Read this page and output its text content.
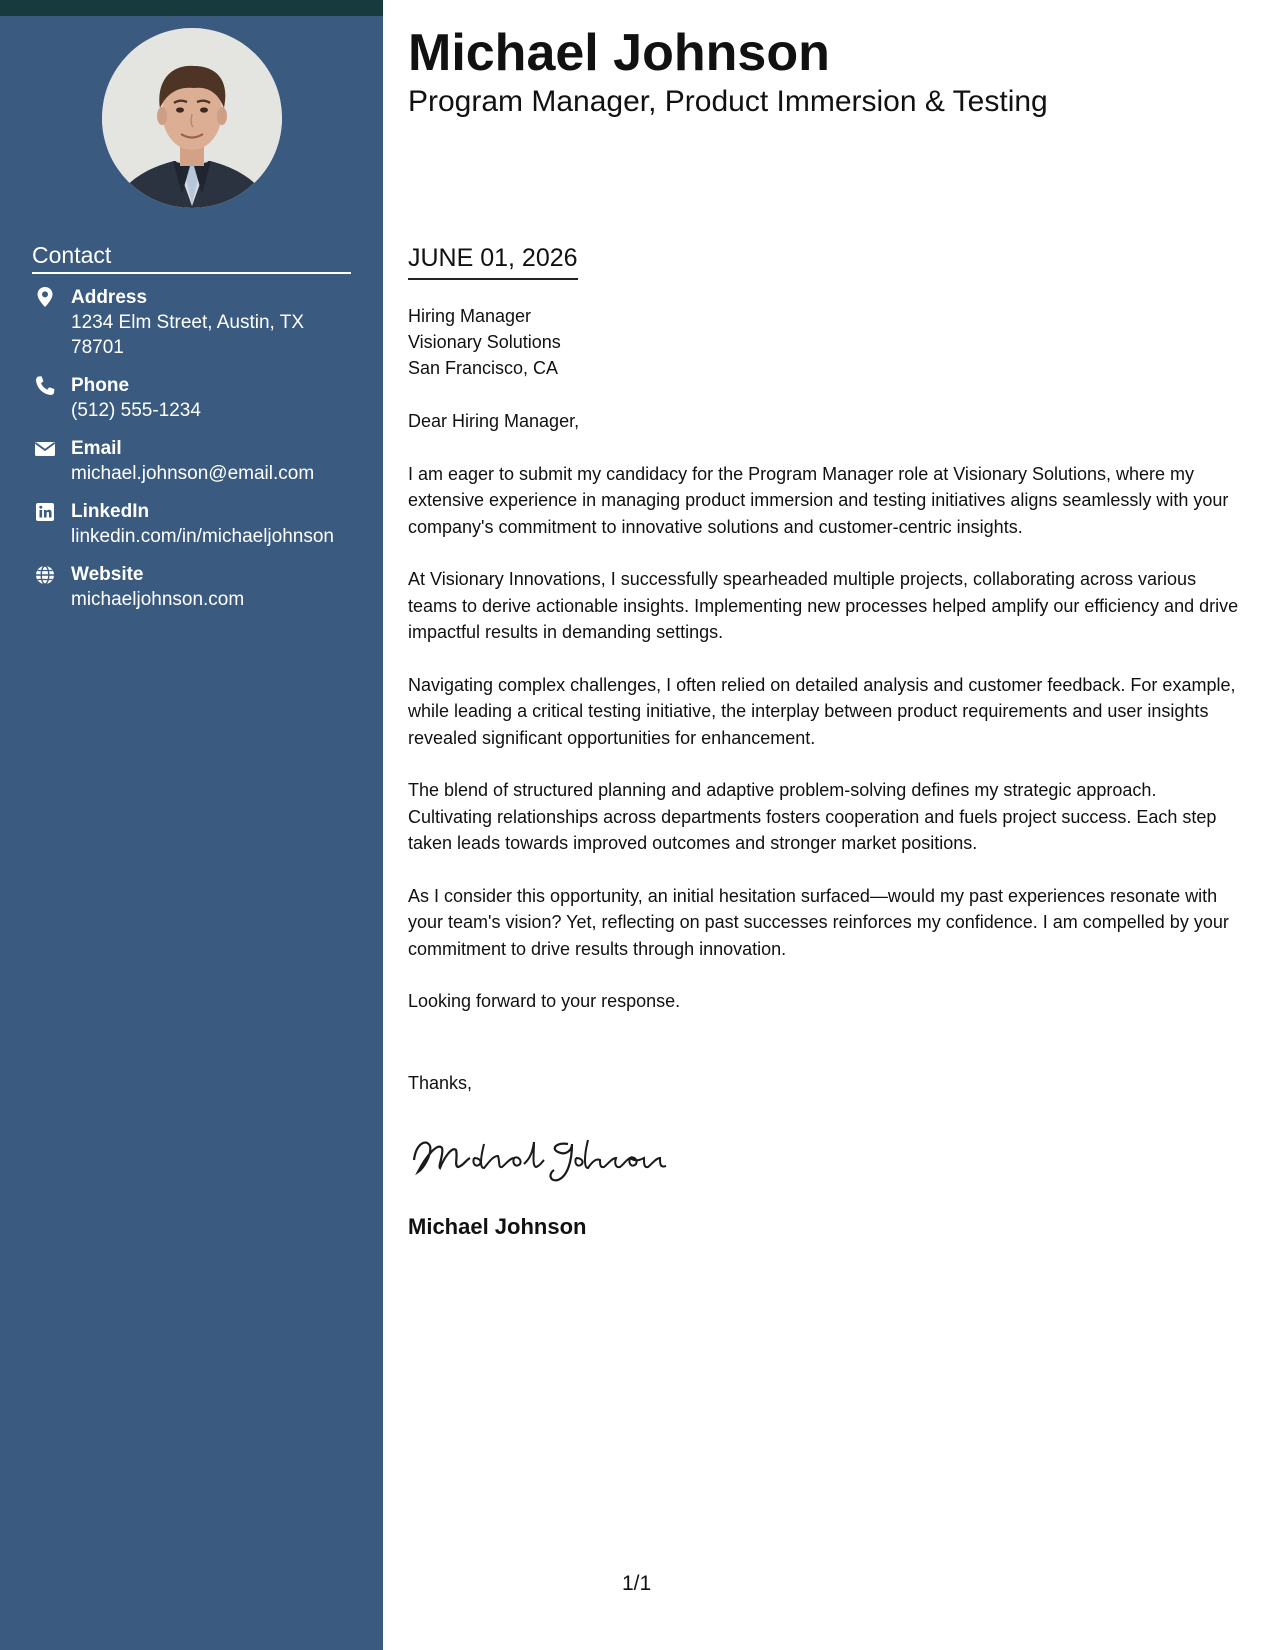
Contact
Address
1234 Elm Street, Austin, TX 78701
Phone
(512) 555-1234
Email
michael.johnson@email.com
LinkedIn
linkedin.com/in/michaeljohnson
Website
michaeljohnson.com
Michael Johnson
Program Manager, Product Immersion & Testing
JUNE 01, 2026
Hiring Manager
Visionary Solutions
San Francisco, CA

Dear Hiring Manager,

I am eager to submit my candidacy for the Program Manager role at Visionary Solutions, where my extensive experience in managing product immersion and testing initiatives aligns seamlessly with your company's commitment to innovative solutions and customer-centric insights.

At Visionary Innovations, I successfully spearheaded multiple projects, collaborating across various teams to derive actionable insights. Implementing new processes helped amplify our efficiency and drive impactful results in demanding settings.

Navigating complex challenges, I often relied on detailed analysis and customer feedback. For example, while leading a critical testing initiative, the interplay between product requirements and user insights revealed significant opportunities for enhancement.

The blend of structured planning and adaptive problem-solving defines my strategic approach. Cultivating relationships across departments fosters cooperation and fuels project success. Each step taken leads towards improved outcomes and stronger market positions.

As I consider this opportunity, an initial hesitation surfaced—would my past experiences resonate with your team's vision? Yet, reflecting on past successes reinforces my confidence. I am compelled by your commitment to drive results through innovation.

Looking forward to your response.

Thanks,
Michael Johnson
1/1
